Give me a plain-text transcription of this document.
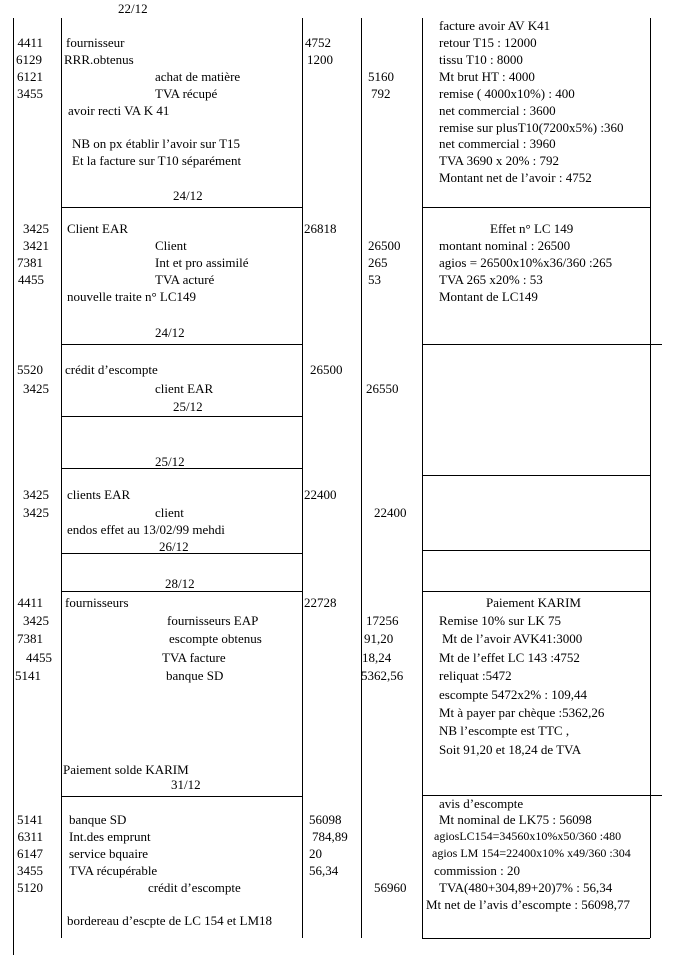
22/12
4411
6129
6121
3455
fournisseur
RRR.obtenus
achat de matière
TVA récupé
avoir recti VA K 41
NB on px établir l’avoir sur T15
Et la facture sur T10 séparément
4752
1200
5160
792
facture avoir AV K41
retour T15 : 12000
tissu T10 : 8000
Mt brut HT : 4000
remise ( 4000x10%) : 400
net commercial : 3600
remise sur plusT10(7200x5%) :360
net commercial : 3960
TVA 3690 x 20% : 792
Montant net de l’avoir : 4752
24/12
3425
3421
7381
4455
Client EAR
Client
Int et pro assimilé
TVA acturé
nouvelle traite n° LC149
26818
26500
265
53
Effet n° LC 149
montant nominal : 26500
agios = 26500x10%x36/360 :265
TVA 265 x20% : 53
Montant de LC149
24/12
5520
3425
crédit d’escompte
client EAR
26500
26550
25/12
25/12
3425
3425
clients EAR
client
endos effet au 13/02/99 mehdi
22400
22400
26/12
28/12
4411
3425
7381
4455
5141
fournisseurs
fournisseurs EAP
escompte obtenus
TVA facture
banque SD
Paiement solde KARIM
22728
17256
91,20
18,24
5362,56
Paiement KARIM
Remise 10% sur LK 75
Mt de l’avoir AVK41:3000
Mt de l’effet LC 143 :4752
reliquat :5472
escompte 5472x2% : 109,44
Mt à payer par chèque :5362,26
NB l’escompte est TTC ,
Soit 91,20 et 18,24 de TVA
31/12
5141
6311
6147
3455
5120
banque SD
Int.des emprunt
service bquaire
TVA récupérable
crédit d’escompte
bordereau d’escpte de LC 154 et LM18
56098
784,89
20
56,34
56960
avis d’escompte
Mt nominal de LK75 : 56098
agiosLC154=34560x10%x50/360 :480
agios LM 154=22400x10% x49/360 :304
commission : 20
TVA(480+304,89+20)7% : 56,34
Mt net de l’avis d’escompte : 56098,77
